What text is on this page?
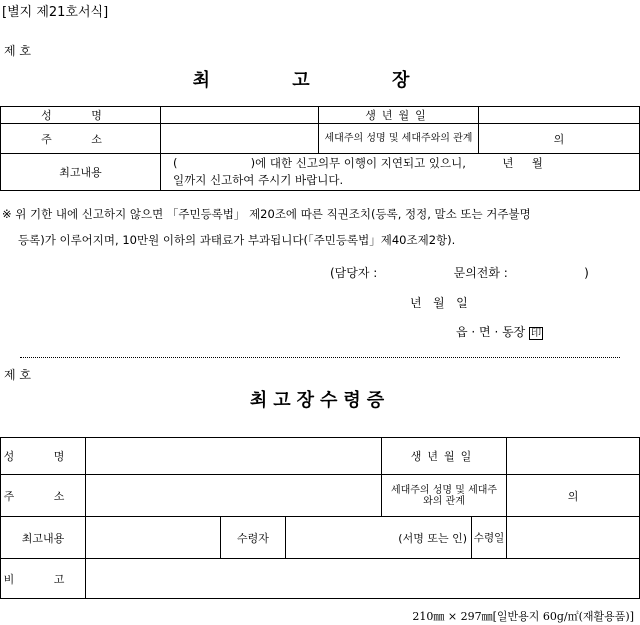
[별지 제21호서식]
제 호
최 고 장
성 명		생년월일	
주 소		세대주의 성명 및 세대주와의 관계	의
최고내용	(                    )에 대한 신고의무 이행이 지연되고 있으니,          년     월
일까지 신고하여 주시기 바랍니다.		
※ 위 기한 내에 신고하지 않으면 「주민등록법」 제20조에 따른 직권조치(등록, 정정, 말소 또는 거주불명
등록)가 이루어지며, 10만원 이하의 과태료가 부과됩니다(「주민등록법」제40조제2항).
(담당자 :                    문의전화 :                    )
년   월   일
읍 · 면 · 동장 印
제 호
최고장수령증
성 명				생년월일		
주 소				세대주의 성명 및 세대주와의 관계		의
최고내용		수령자	(서명 또는 인)		수령일	
비 고						
210㎜ × 297㎜[일반용지 60g/㎡(재활용품)]
